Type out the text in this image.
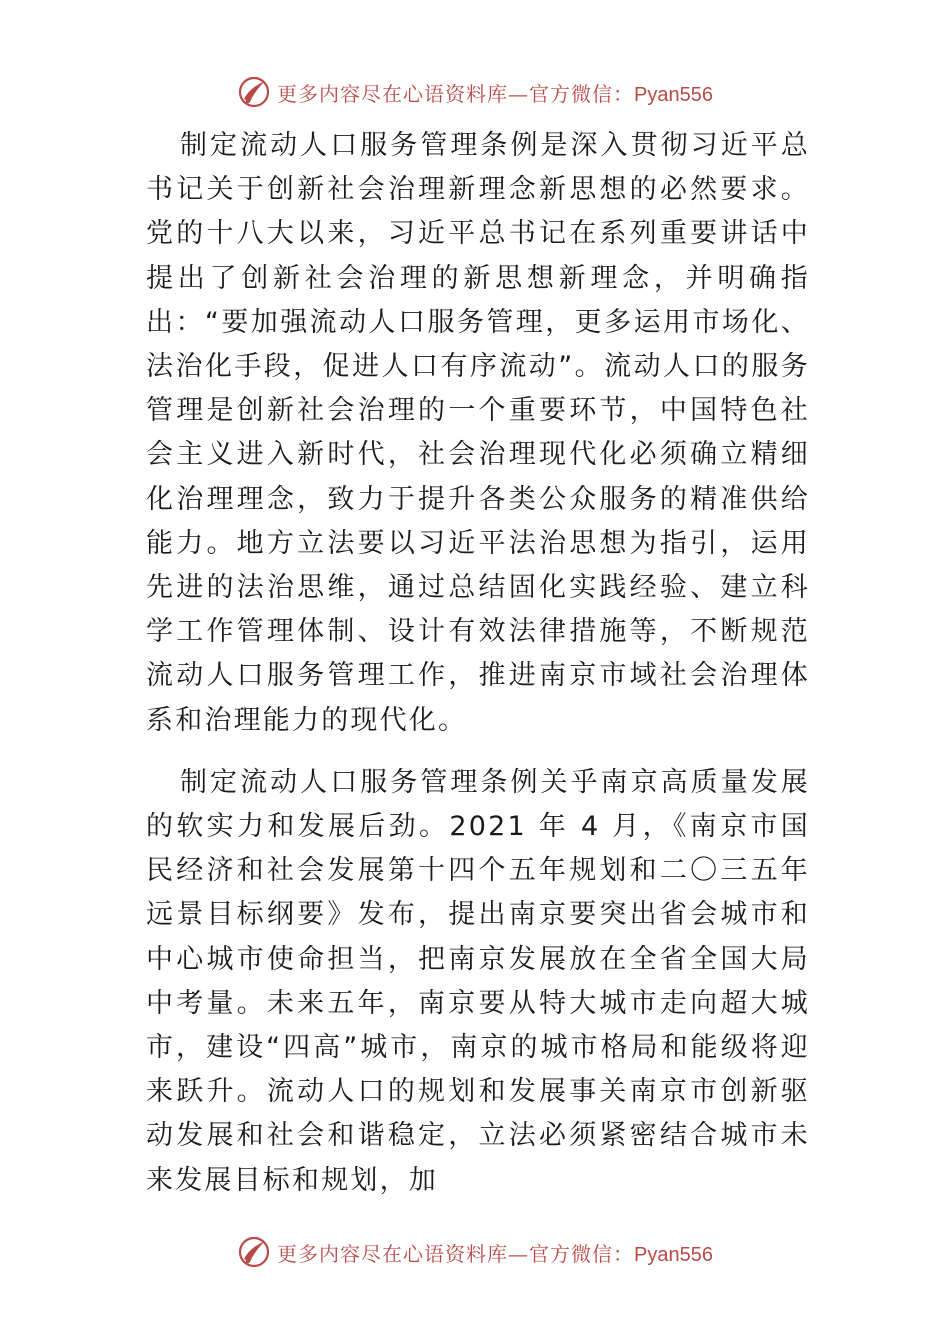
更多内容尽在心语资料库—官方微信：Pyan556

制定流动人口服务管理条例是深入贯彻习近平总书记关于创新社会治理新理念新思想的必然要求。党的十八大以来，习近平总书记在系列重要讲话中提出了创新社会治理的新思想新理念，并明确指出：“要加强流动人口服务管理，更多运用市场化、法治化手段，促进人口有序流动”。流动人口的服务管理是创新社会治理的一个重要环节，中国特色社会主义进入新时代，社会治理现代化必须确立精细化治理理念，致力于提升各类公众服务的精准供给能力。地方立法要以习近平法治思想为指引，运用先进的法治思维，通过总结固化实践经验、建立科学工作管理体制、设计有效法律措施等，不断规范流动人口服务管理工作，推进南京市域社会治理体系和治理能力的现代化。

制定流动人口服务管理条例关乎南京高质量发展的软实力和发展后劲。2021 年 4 月，《南京市国民经济和社会发展第十四个五年规划和二〇三五年远景目标纲要》发布，提出南京要突出省会城市和中心城市使命担当，把南京发展放在全省全国大局中考量。未来五年，南京要从特大城市走向超大城市，建设“四高”城市，南京的城市格局和能级将迎来跃升。流动人口的规划和发展事关南京市创新驱动发展和社会和谐稳定，立法必须紧密结合城市未来发展目标和规划，加

更多内容尽在心语资料库—官方微信：Pyan556
